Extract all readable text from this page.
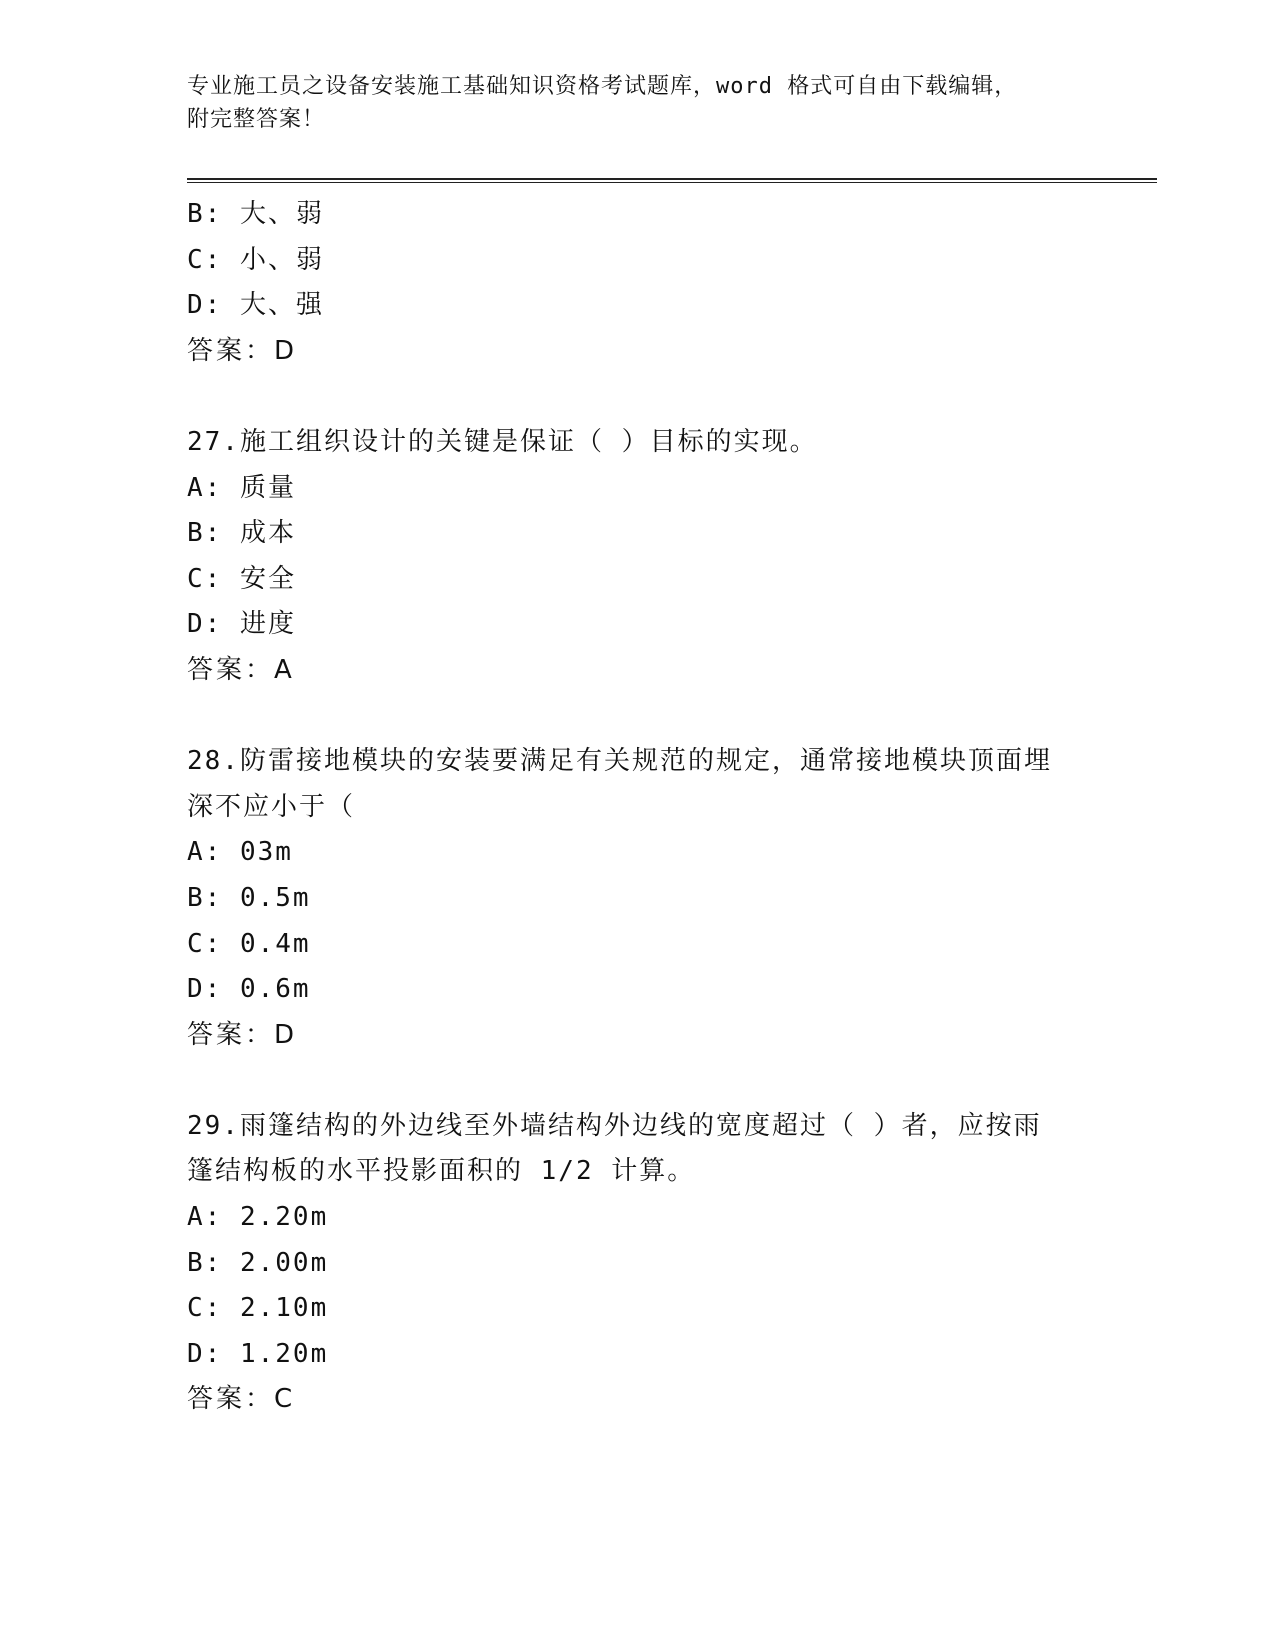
专业施工员之设备安装施工基础知识资格考试题库，word 格式可自由下载编辑，
附完整答案！
B: 大、弱
C: 小、弱
D: 大、强
答案：D
27.施工组织设计的关键是保证（ ）目标的实现。
A: 质量
B: 成本
C: 安全
D: 进度
答案：A
28.防雷接地模块的安装要满足有关规范的规定，通常接地模块顶面埋
深不应小于（
A: 03m
B: 0.5m
C: 0.4m
D: 0.6m
答案：D
29.雨篷结构的外边线至外墙结构外边线的宽度超过（ ）者，应按雨
篷结构板的水平投影面积的 1/2 计算。
A: 2.20m
B: 2.00m
C: 2.10m
D: 1.20m
答案：C
